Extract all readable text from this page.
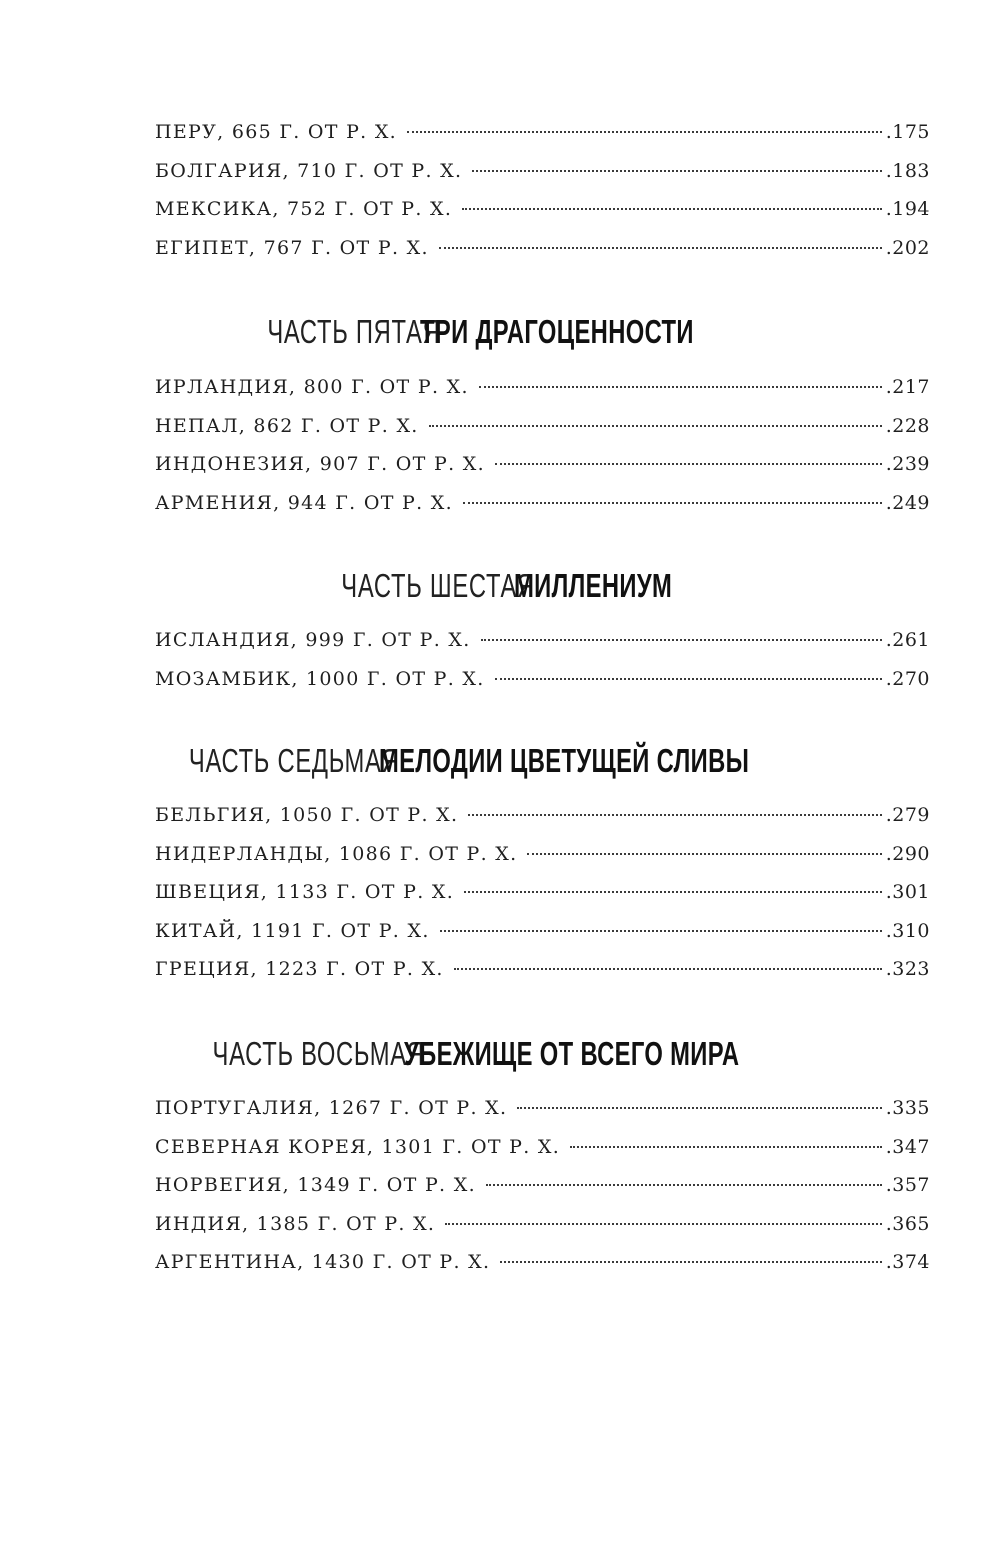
ПЕРУ, 665 Г. ОТ Р. Х.	.175
БОЛГАРИЯ, 710 Г. ОТ Р. Х.	.183
МЕКСИКА, 752 Г. ОТ Р. Х.	.194
ЕГИПЕТ, 767 Г. ОТ Р. Х.	.202
ЧАСТЬ ПЯТАЯ ТРИ ДРАГОЦЕННОСТИ
ИРЛАНДИЯ, 800 Г. ОТ Р. Х.	.217
НЕПАЛ, 862 Г. ОТ Р. Х.	.228
ИНДОНЕЗИЯ, 907 Г. ОТ Р. Х.	.239
АРМЕНИЯ, 944 Г. ОТ Р. Х.	.249
ЧАСТЬ ШЕСТАЯ МИЛЛЕНИУМ
ИСЛАНДИЯ, 999 Г. ОТ Р. Х.	.261
МОЗАМБИК, 1000 Г. ОТ Р. Х.	.270
ЧАСТЬ СЕДЬМАЯ МЕЛОДИИ ЦВЕТУЩЕЙ СЛИВЫ
БЕЛЬГИЯ, 1050 Г. ОТ Р. Х.	.279
НИДЕРЛАНДЫ, 1086 Г. ОТ Р. Х.	.290
ШВЕЦИЯ, 1133 Г. ОТ Р. Х.	.301
КИТАЙ, 1191 Г. ОТ Р. Х.	.310
ГРЕЦИЯ, 1223 Г. ОТ Р. Х.	.323
ЧАСТЬ ВОСЬМАЯ УБЕЖИЩЕ ОТ ВСЕГО МИРА
ПОРТУГАЛИЯ, 1267 Г. ОТ Р. Х.	.335
СЕВЕРНАЯ КОРЕЯ, 1301 Г. ОТ Р. Х.	.347
НОРВЕГИЯ, 1349 Г. ОТ Р. Х.	.357
ИНДИЯ, 1385 Г. ОТ Р. Х.	.365
АРГЕНТИНА, 1430 Г. ОТ Р. Х.	.374
